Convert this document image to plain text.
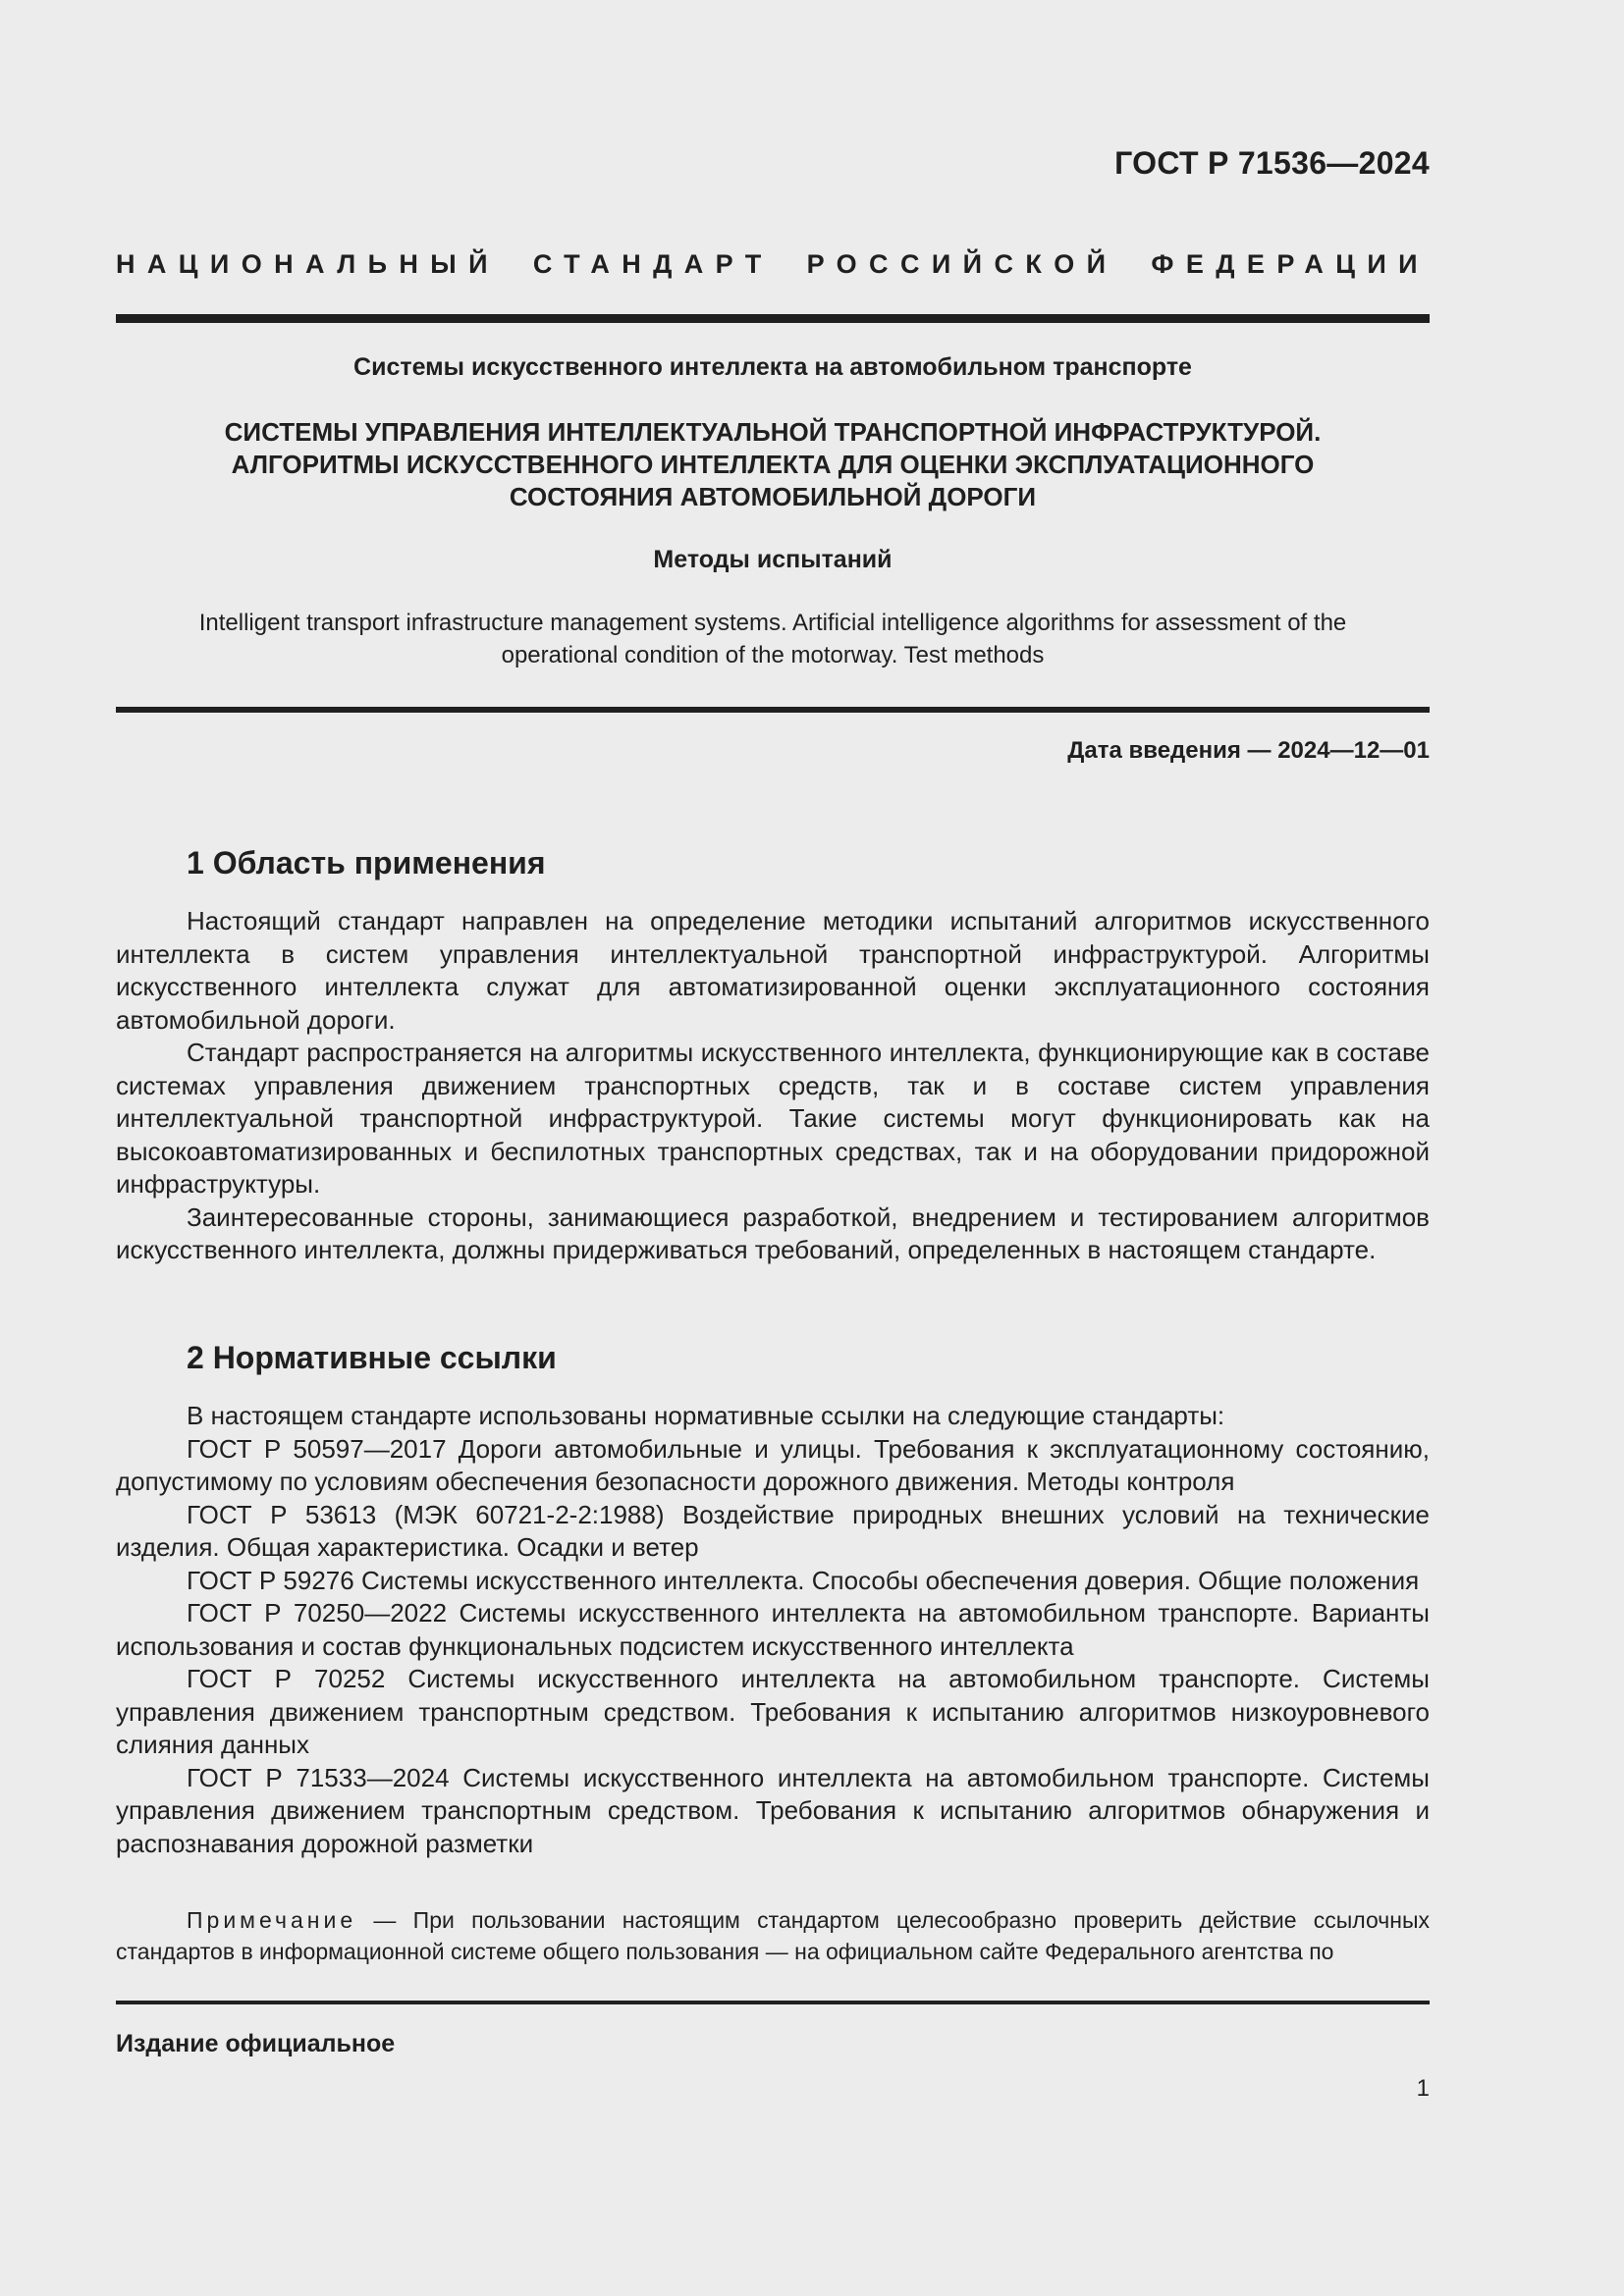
ГОСТ Р 71536—2024
НАЦИОНАЛЬНЫЙ СТАНДАРТ РОССИЙСКОЙ ФЕДЕРАЦИИ
Системы искусственного интеллекта на автомобильном транспорте
СИСТЕМЫ УПРАВЛЕНИЯ ИНТЕЛЛЕКТУАЛЬНОЙ ТРАНСПОРТНОЙ ИНФРАСТРУКТУРОЙ.
АЛГОРИТМЫ ИСКУССТВЕННОГО ИНТЕЛЛЕКТА ДЛЯ ОЦЕНКИ ЭКСПЛУАТАЦИОННОГО
СОСТОЯНИЯ АВТОМОБИЛЬНОЙ ДОРОГИ
Методы испытаний
Intelligent transport infrastructure management systems. Artificial intelligence algorithms for assessment of the
operational condition of the motorway. Test methods
Дата введения — 2024—12—01
1 Область применения

Настоящий стандарт направлен на определение методики испытаний алгоритмов искусственного интеллекта в систем управления интеллектуальной транспортной инфраструктурой. Алгоритмы искусственного интеллекта служат для автоматизированной оценки эксплуатационного состояния автомобильной дороги.

Стандарт распространяется на алгоритмы искусственного интеллекта, функционирующие как в составе системах управления движением транспортных средств, так и в составе систем управления интеллектуальной транспортной инфраструктурой. Такие системы могут функционировать как на высокоавтоматизированных и беспилотных транспортных средствах, так и на оборудовании придорожной инфраструктуры.

Заинтересованные стороны, занимающиеся разработкой, внедрением и тестированием алгоритмов искусственного интеллекта, должны придерживаться требований, определенных в настоящем стандарте.

2 Нормативные ссылки

В настоящем стандарте использованы нормативные ссылки на следующие стандарты:

ГОСТ Р 50597—2017 Дороги автомобильные и улицы. Требования к эксплуатационному состоянию, допустимому по условиям обеспечения безопасности дорожного движения. Методы контроля

ГОСТ Р 53613 (МЭК 60721-2-2:1988) Воздействие природных внешних условий на технические изделия. Общая характеристика. Осадки и ветер

ГОСТ Р 59276 Системы искусственного интеллекта. Способы обеспечения доверия. Общие положения

ГОСТ Р 70250—2022 Системы искусственного интеллекта на автомобильном транспорте. Варианты использования и состав функциональных подсистем искусственного интеллекта

ГОСТ Р 70252 Системы искусственного интеллекта на автомобильном транспорте. Системы управления движением транспортным средством. Требования к испытанию алгоритмов низкоуровневого слияния данных

ГОСТ Р 71533—2024 Системы искусственного интеллекта на автомобильном транспорте. Системы управления движением транспортным средством. Требования к испытанию алгоритмов обнаружения и распознавания дорожной разметки

Примечание — При пользовании настоящим стандартом целесообразно проверить действие ссылочных стандартов в информационной системе общего пользования — на официальном сайте Федерального агентства по

Издание официальное
1
